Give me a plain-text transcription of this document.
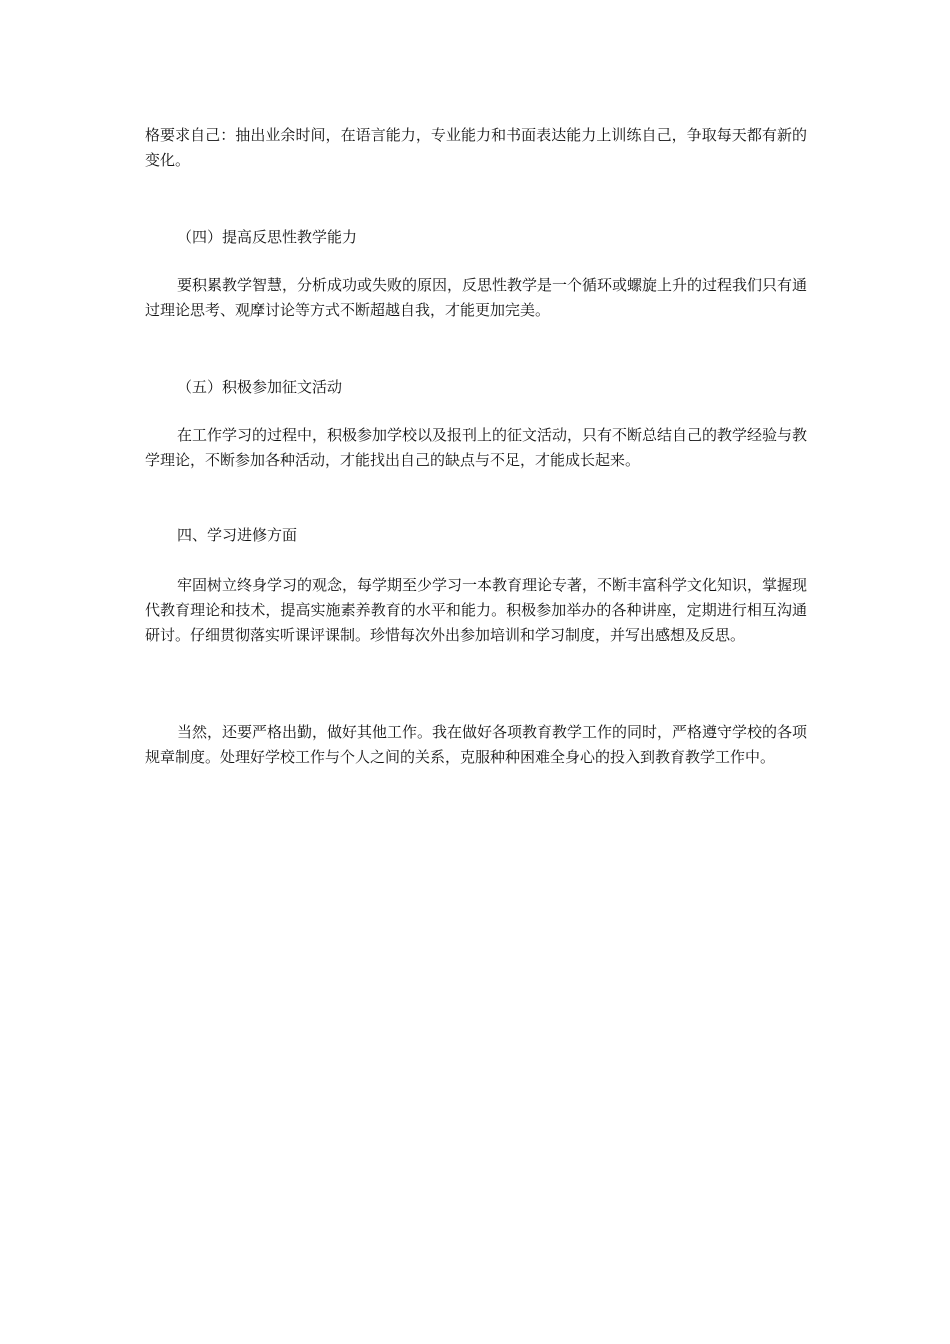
格要求自己：抽出业余时间，在语言能力，专业能力和书面表达能力上训练自己，争取每天都有新的变化。

（四）提高反思性教学能力

要积累教学智慧，分析成功或失败的原因，反思性教学是一个循环或螺旋上升的过程我们只有通过理论思考、观摩讨论等方式不断超越自我，才能更加完美。

（五）积极参加征文活动

在工作学习的过程中，积极参加学校以及报刊上的征文活动，只有不断总结自己的教学经验与教学理论，不断参加各种活动，才能找出自己的缺点与不足，才能成长起来。

四、学习进修方面

牢固树立终身学习的观念，每学期至少学习一本教育理论专著，不断丰富科学文化知识，掌握现代教育理论和技术，提高实施素养教育的水平和能力。积极参加举办的各种讲座，定期进行相互沟通研讨。仔细贯彻落实听课评课制。珍惜每次外出参加培训和学习制度，并写出感想及反思。

当然，还要严格出勤，做好其他工作。我在做好各项教育教学工作的同时，严格遵守学校的各项规章制度。处理好学校工作与个人之间的关系，克服种种困难全身心的投入到教育教学工作中。
